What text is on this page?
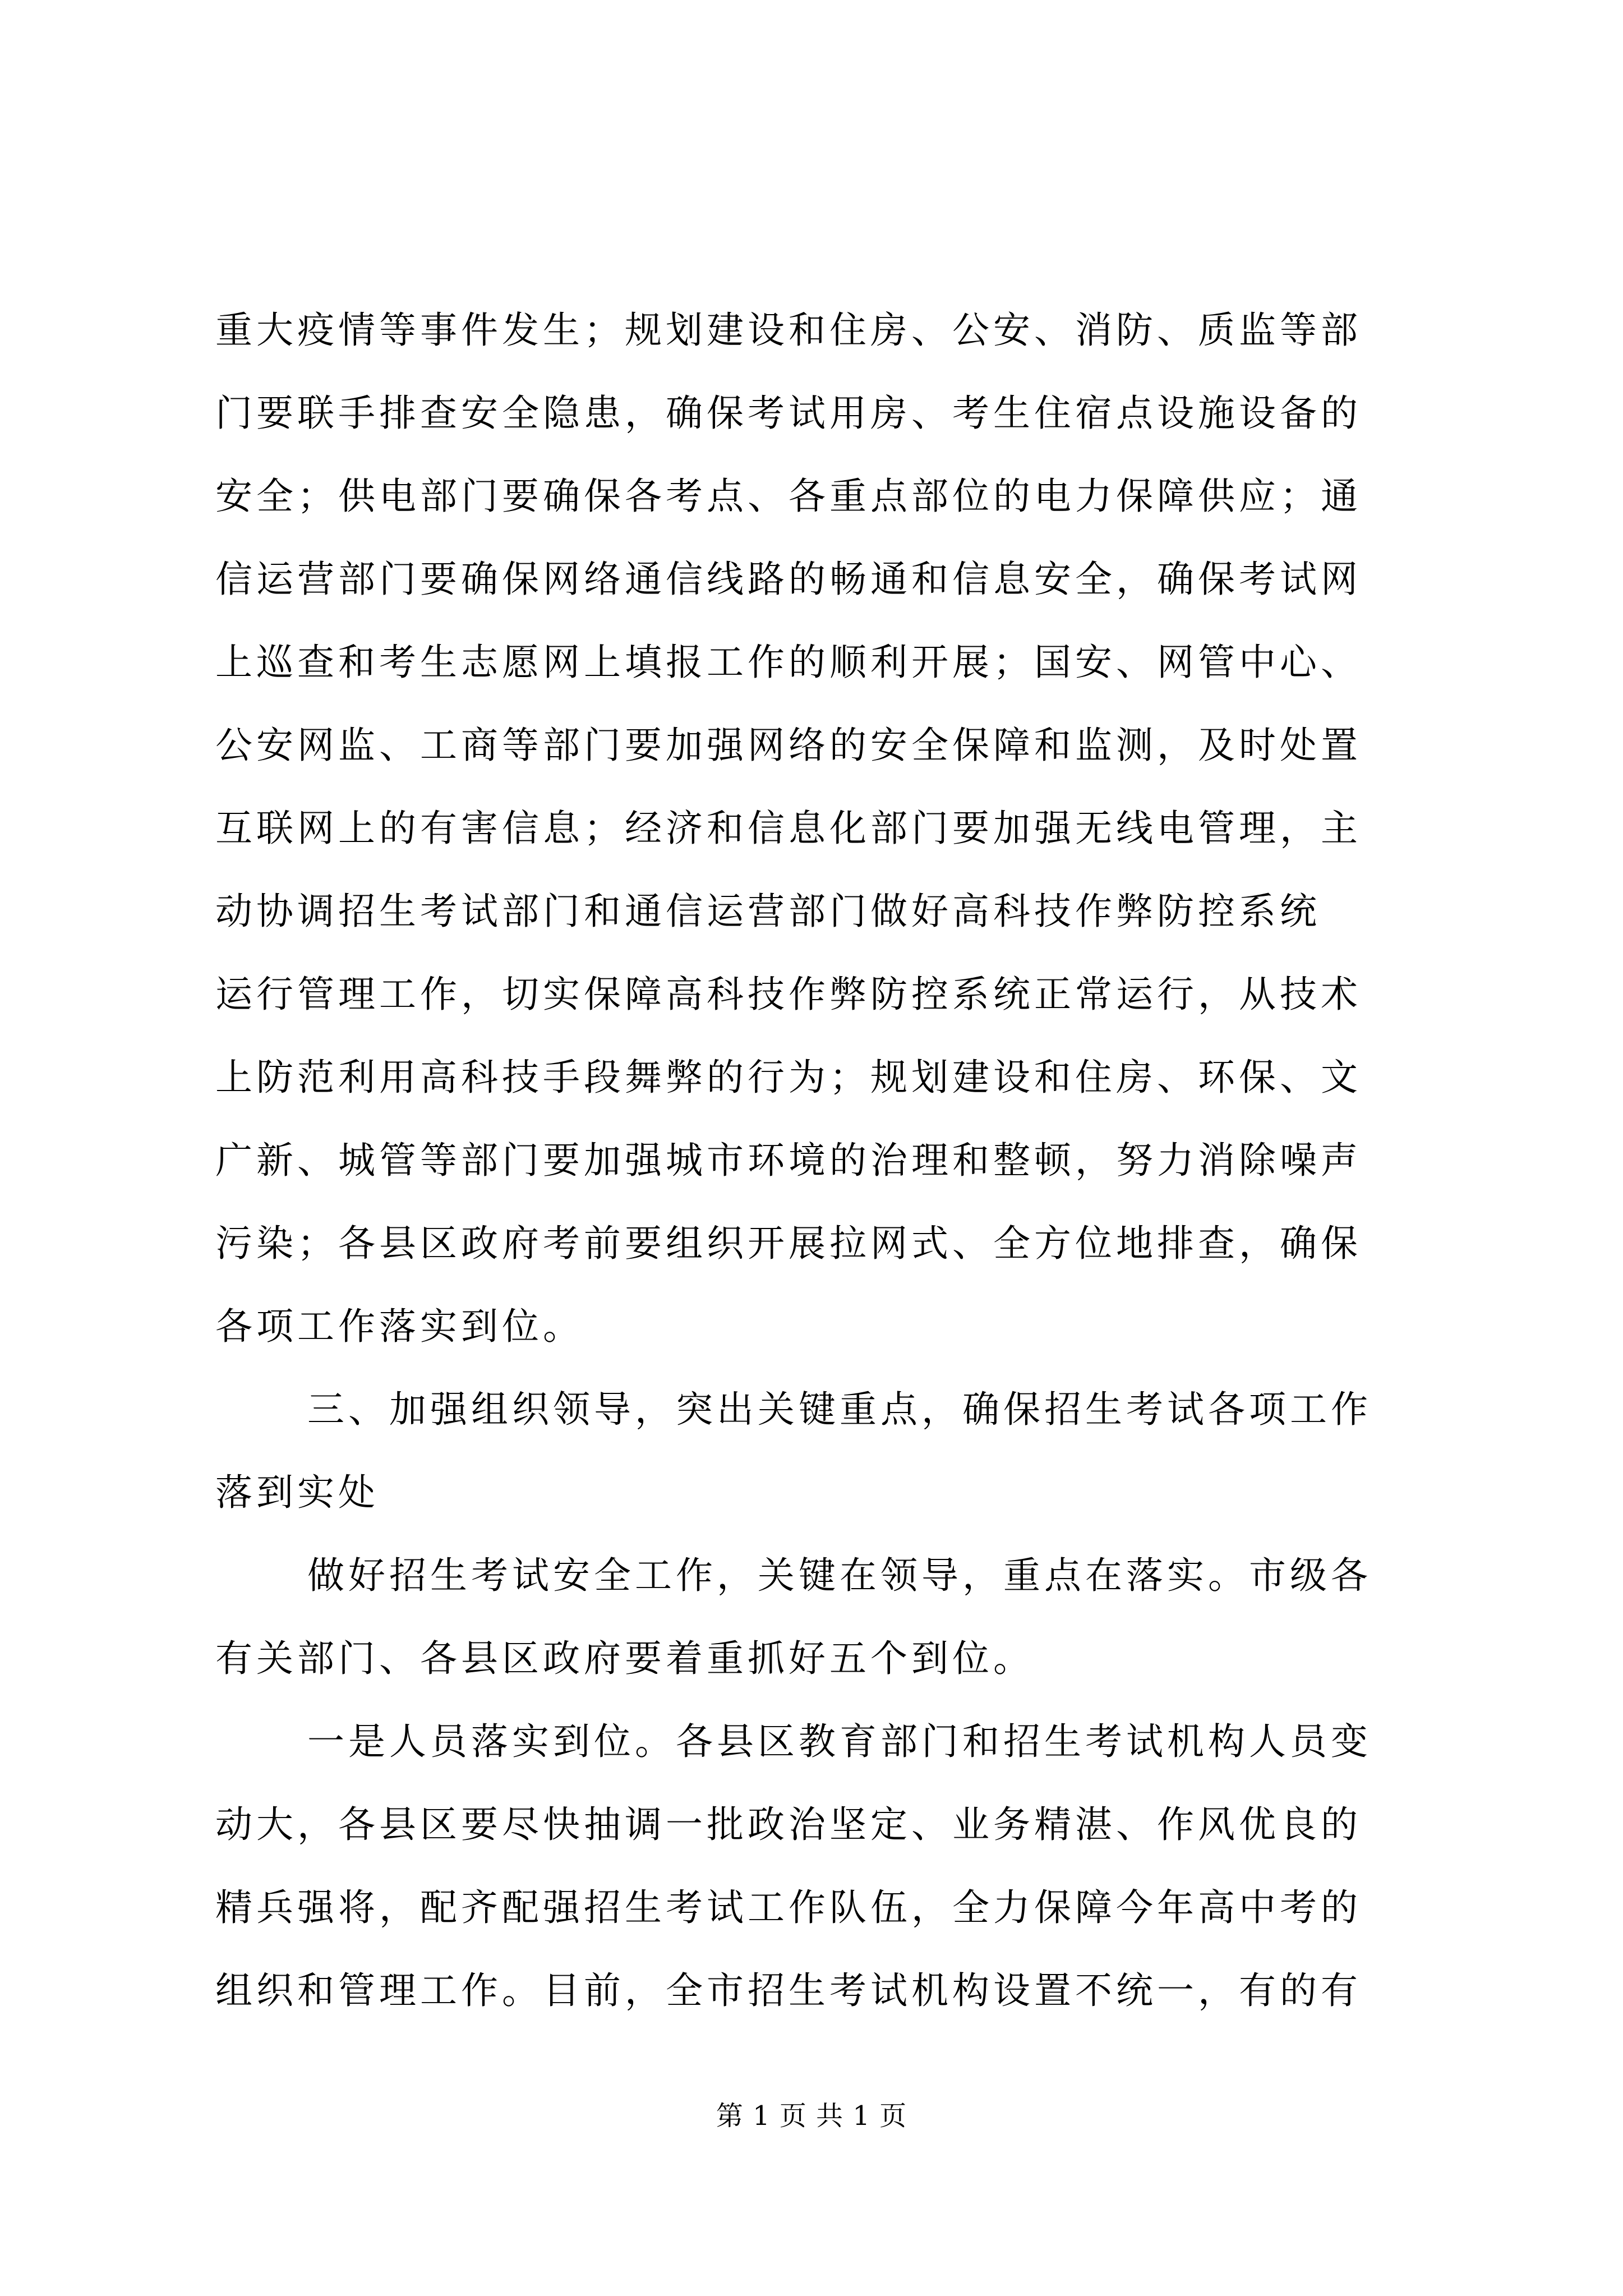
重大疫情等事件发生；规划建设和住房、公安、消防、质监等部
门要联手排查安全隐患，确保考试用房、考生住宿点设施设备的
安全；供电部门要确保各考点、各重点部位的电力保障供应；通
信运营部门要确保网络通信线路的畅通和信息安全，确保考试网
上巡查和考生志愿网上填报工作的顺利开展；国安、网管中心、
公安网监、工商等部门要加强网络的安全保障和监测，及时处置
互联网上的有害信息；经济和信息化部门要加强无线电管理，主
动协调招生考试部门和通信运营部门做好高科技作弊防控系统
运行管理工作，切实保障高科技作弊防控系统正常运行，从技术
上防范利用高科技手段舞弊的行为；规划建设和住房、环保、文
广新、城管等部门要加强城市环境的治理和整顿，努力消除噪声
污染；各县区政府考前要组织开展拉网式、全方位地排查，确保
各项工作落实到位。
三、加强组织领导，突出关键重点，确保招生考试各项工作
落到实处
做好招生考试安全工作，关键在领导，重点在落实。市级各
有关部门、各县区政府要着重抓好五个到位。
一是人员落实到位。各县区教育部门和招生考试机构人员变
动大，各县区要尽快抽调一批政治坚定、业务精湛、作风优良的
精兵强将，配齐配强招生考试工作队伍，全力保障今年高中考的
组织和管理工作。目前，全市招生考试机构设置不统一，有的有
第 1 页 共 1 页
